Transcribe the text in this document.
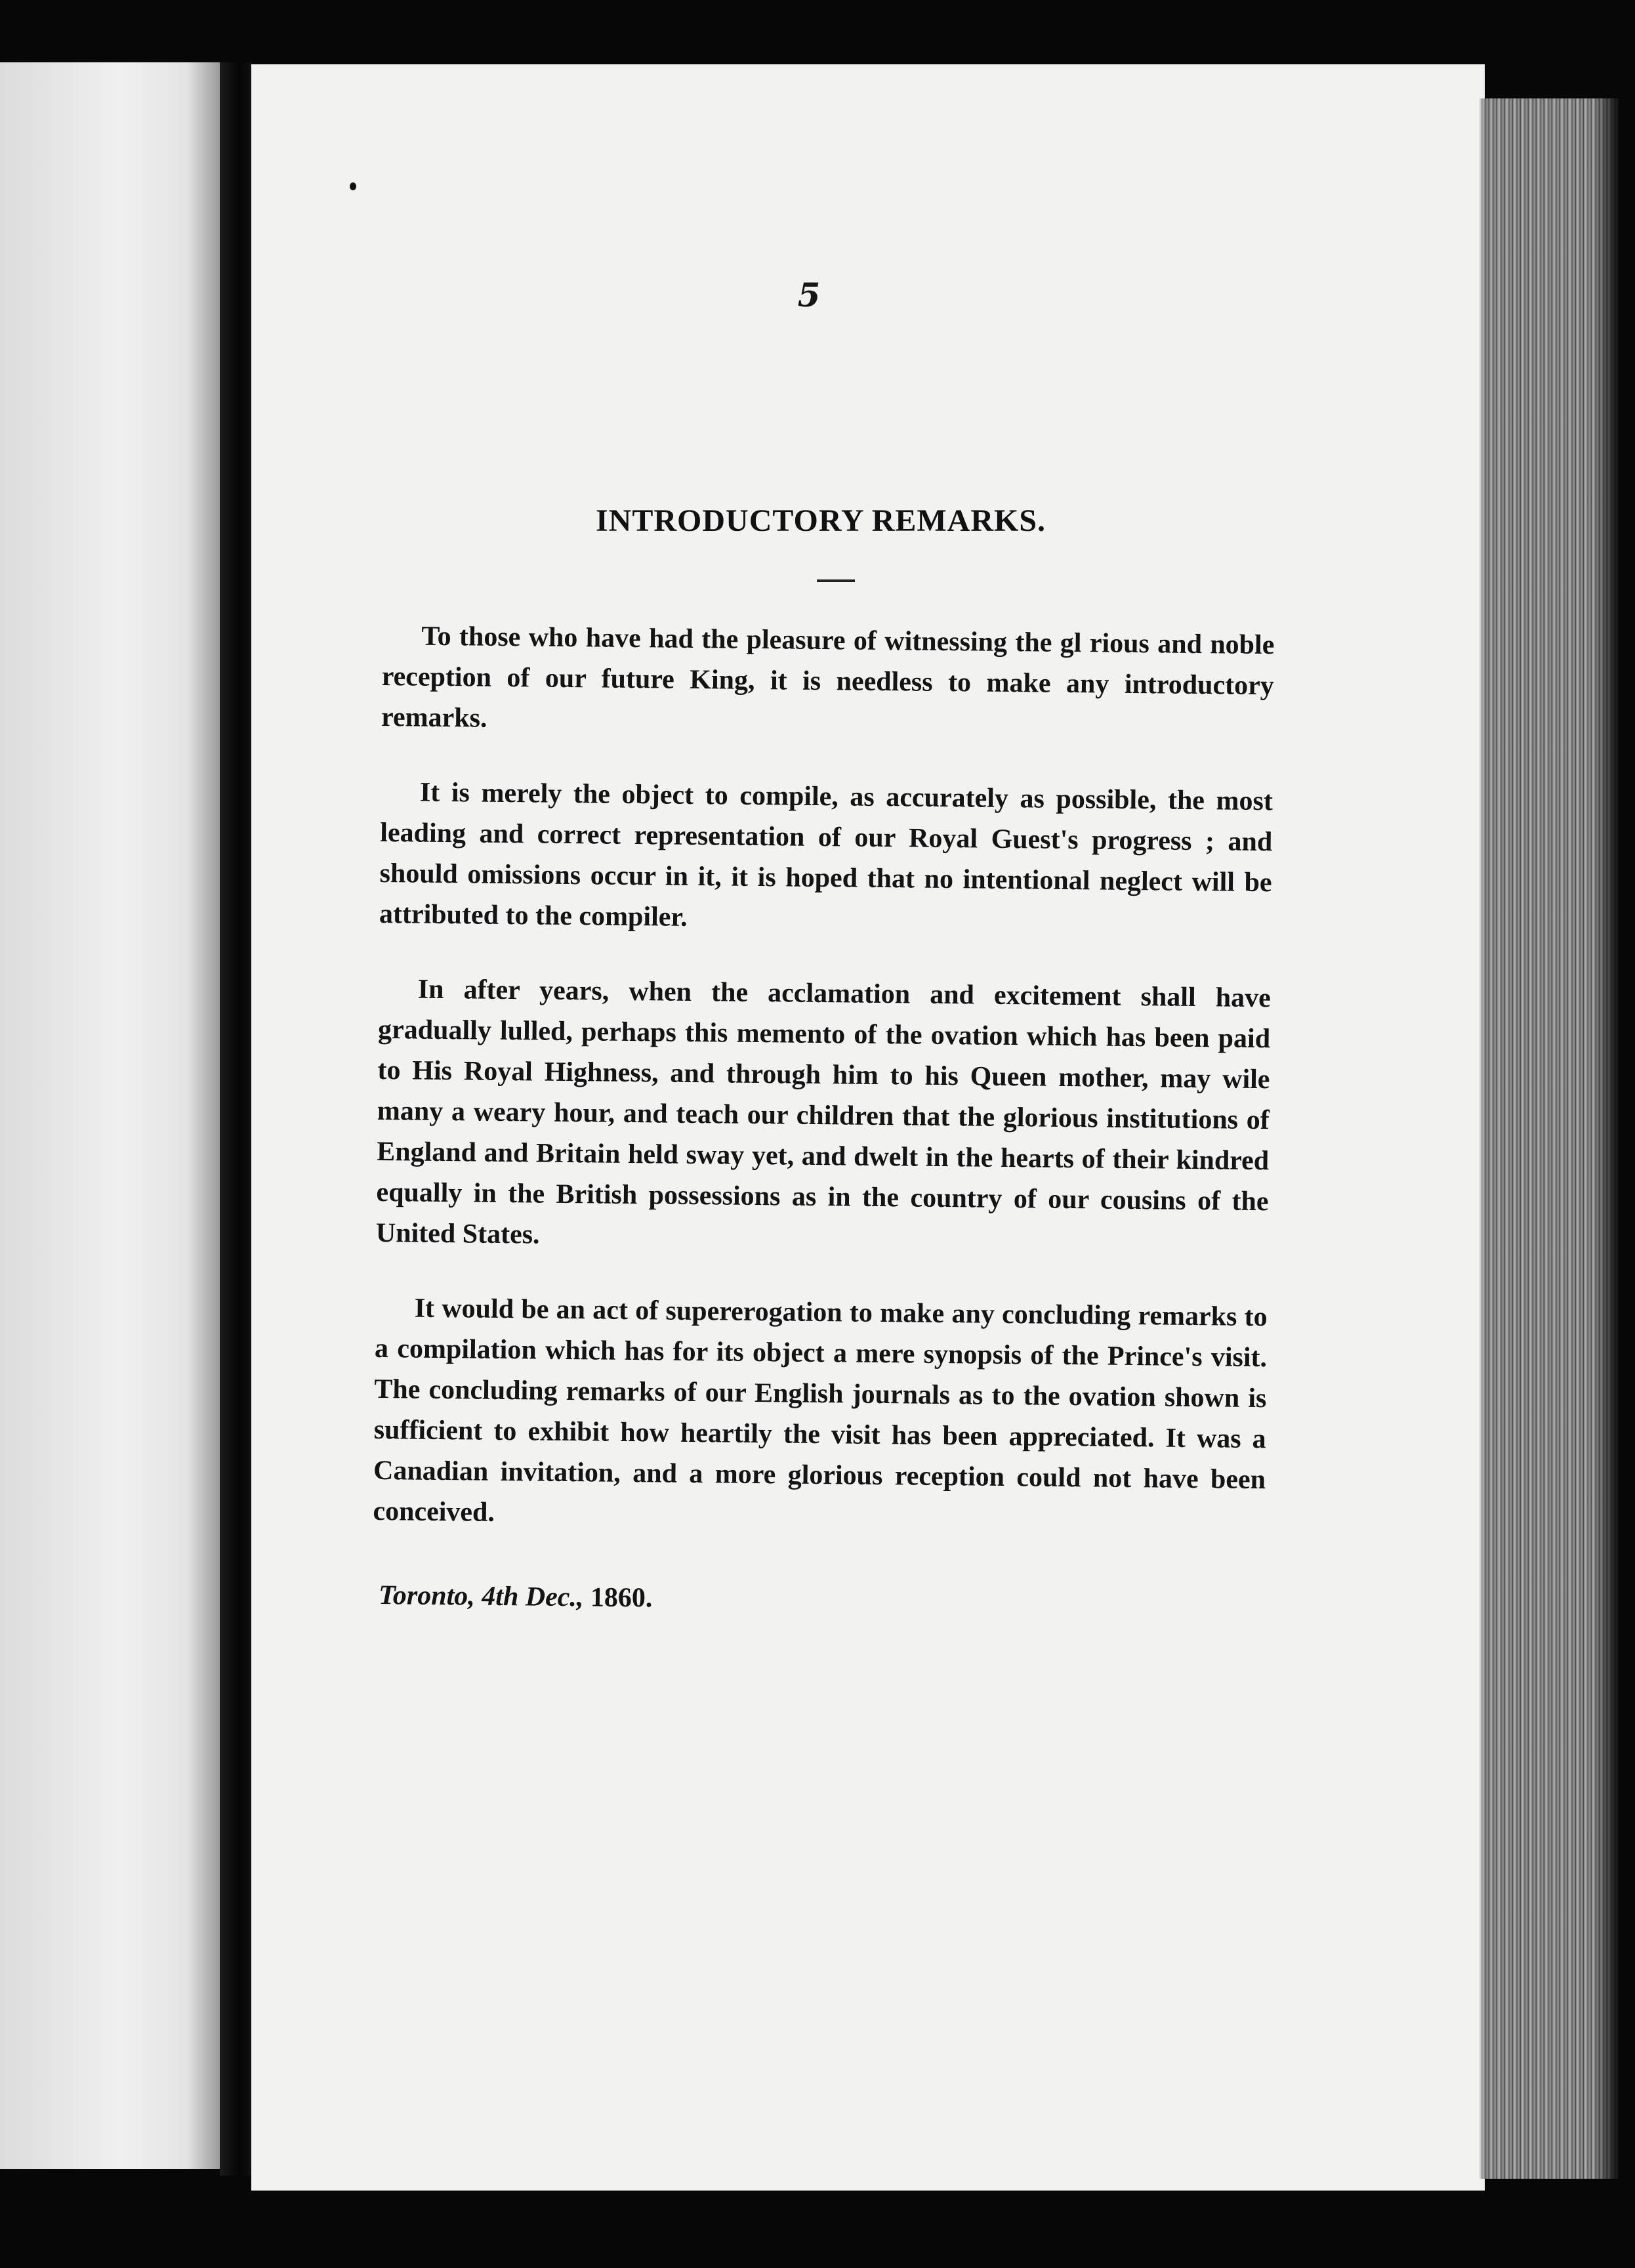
5
INTRODUCTORY REMARKS.

To those who have had the pleasure of witnessing the gl rious and noble reception of our future King, it is needless to make any introductory remarks.

It is merely the object to compile, as accurately as possible, the most leading and correct representation of our Royal Guest's progress ; and should omissions occur in it, it is hoped that no intentional neglect will be attributed to the compiler.

In after years, when the acclamation and excitement shall have gradually lulled, perhaps this memento of the ovation which has been paid to His Royal Highness, and through him to his Queen mother, may wile many a weary hour, and teach our children that the glorious institutions of England and Britain held sway yet, and dwelt in the hearts of their kindred equally in the British possessions as in the country of our cousins of the United States.

It would be an act of supererogation to make any concluding remarks to a compilation which has for its object a mere synopsis of the Prince's visit. The concluding remarks of our English journals as to the ovation shown is sufficient to exhibit how heartily the visit has been appreciated. It was a Canadian invitation, and a more glorious reception could not have been conceived.

Toronto, 4th Dec., 1860.
